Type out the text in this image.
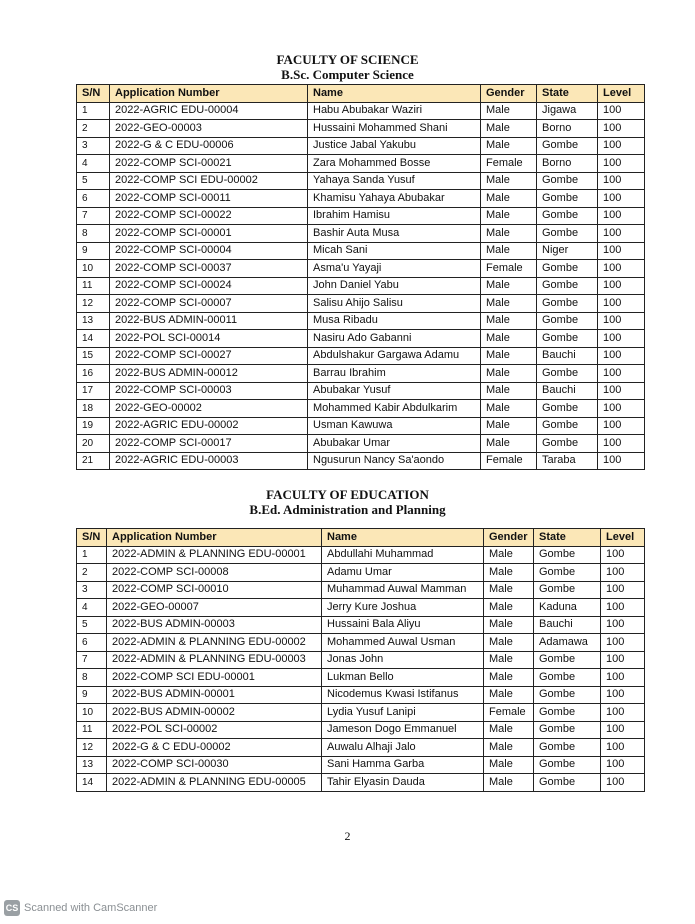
FACULTY OF SCIENCE
B.Sc. Computer Science
S/N	Application Number	Name	Gender	State	Level
1	2022-AGRIC EDU-00004	Habu Abubakar Waziri	Male	Jigawa	100
2	2022-GEO-00003	Hussaini Mohammed Shani	Male	Borno	100
3	2022-G & C EDU-00006	Justice Jabal Yakubu	Male	Gombe	100
4	2022-COMP SCI-00021	Zara Mohammed Bosse	Female	Borno	100
5	2022-COMP SCI EDU-00002	Yahaya Sanda Yusuf	Male	Gombe	100
6	2022-COMP SCI-00011	Khamisu Yahaya Abubakar	Male	Gombe	100
7	2022-COMP SCI-00022	Ibrahim Hamisu	Male	Gombe	100
8	2022-COMP SCI-00001	Bashir Auta Musa	Male	Gombe	100
9	2022-COMP SCI-00004	Micah Sani	Male	Niger	100
10	2022-COMP SCI-00037	Asma'u Yayaji	Female	Gombe	100
11	2022-COMP SCI-00024	John Daniel Yabu	Male	Gombe	100
12	2022-COMP SCI-00007	Salisu Ahijo Salisu	Male	Gombe	100
13	2022-BUS ADMIN-00011	Musa Ribadu	Male	Gombe	100
14	2022-POL SCI-00014	Nasiru Ado Gabanni	Male	Gombe	100
15	2022-COMP SCI-00027	Abdulshakur Gargawa Adamu	Male	Bauchi	100
16	2022-BUS ADMIN-00012	Barrau Ibrahim	Male	Gombe	100
17	2022-COMP SCI-00003	Abubakar Yusuf	Male	Bauchi	100
18	2022-GEO-00002	Mohammed Kabir Abdulkarim	Male	Gombe	100
19	2022-AGRIC EDU-00002	Usman Kawuwa	Male	Gombe	100
20	2022-COMP SCI-00017	Abubakar Umar	Male	Gombe	100
21	2022-AGRIC EDU-00003	Ngusurun Nancy Sa'aondo	Female	Taraba	100
FACULTY OF EDUCATION
B.Ed. Administration and Planning
S/N	Application Number	Name	Gender	State	Level
1	2022-ADMIN & PLANNING EDU-00001	Abdullahi Muhammad	Male	Gombe	100
2	2022-COMP SCI-00008	Adamu Umar	Male	Gombe	100
3	2022-COMP SCI-00010	Muhammad Auwal Mamman	Male	Gombe	100
4	2022-GEO-00007	Jerry Kure Joshua	Male	Kaduna	100
5	2022-BUS ADMIN-00003	Hussaini Bala Aliyu	Male	Bauchi	100
6	2022-ADMIN & PLANNING EDU-00002	Mohammed Auwal Usman	Male	Adamawa	100
7	2022-ADMIN & PLANNING EDU-00003	Jonas John	Male	Gombe	100
8	2022-COMP SCI EDU-00001	Lukman Bello	Male	Gombe	100
9	2022-BUS ADMIN-00001	Nicodemus Kwasi Istifanus	Male	Gombe	100
10	2022-BUS ADMIN-00002	Lydia Yusuf Lanipi	Female	Gombe	100
11	2022-POL SCI-00002	Jameson Dogo Emmanuel	Male	Gombe	100
12	2022-G & C EDU-00002	Auwalu Alhaji Jalo	Male	Gombe	100
13	2022-COMP SCI-00030	Sani Hamma Garba	Male	Gombe	100
14	2022-ADMIN & PLANNING EDU-00005	Tahir Elyasin Dauda	Male	Gombe	100
2
CS Scanned with CamScanner
